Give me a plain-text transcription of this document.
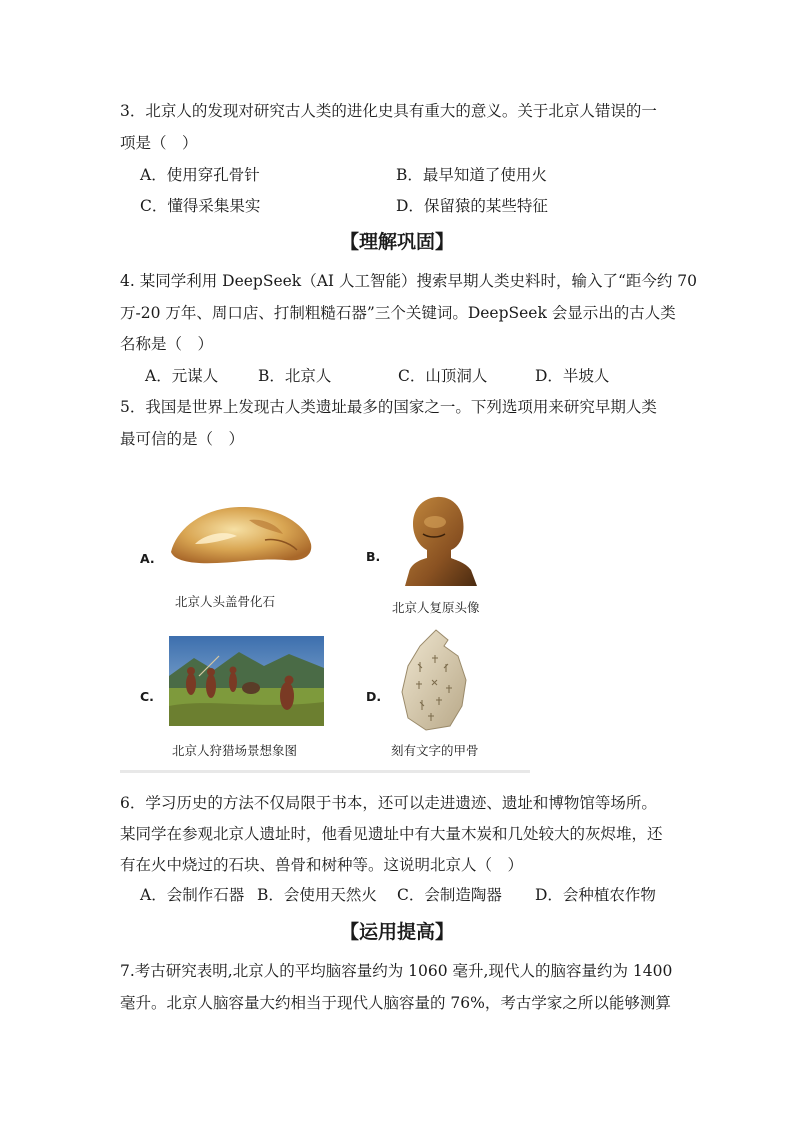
3．北京人的发现对研究古人类的进化史具有重大的意义。关于北京人错误的一
项是（　）
A．使用穿孔骨针	B．最早知道了使用火
C．懂得采集果实	D．保留猿的某些特征
【理解巩固】
4. 某同学利用 DeepSeek（AI 人工智能）搜索早期人类史料时，输入了“距今约 70
万-20 万年、周口店、打制粗糙石器”三个关键词。DeepSeek 会显示出的古人类
名称是（　）
A．元谋人	B．北京人	C．山顶洞人	D．半坡人
5．我国是世界上发现古人类遗址最多的国家之一。下列选项用来研究早期人类
最可信的是（　）
A.
北京人头盖骨化石
B.
北京人复原头像
C.
北京人狩猎场景想象图
D.
刻有文字的甲骨
6．学习历史的方法不仅局限于书本，还可以走进遗迹、遗址和博物馆等场所。
某同学在参观北京人遗址时，他看见遗址中有大量木炭和几处较大的灰烬堆，还
有在火中烧过的石块、兽骨和树种等。这说明北京人（　）
A．会制作石器 B．会使用天然火 C．会制造陶器 D．会种植农作物
【运用提高】
7.考古研究表明,北京人的平均脑容量约为 1060 毫升,现代人的脑容量约为 1400
毫升。北京人脑容量大约相当于现代人脑容量的 76%，考古学家之所以能够测算
